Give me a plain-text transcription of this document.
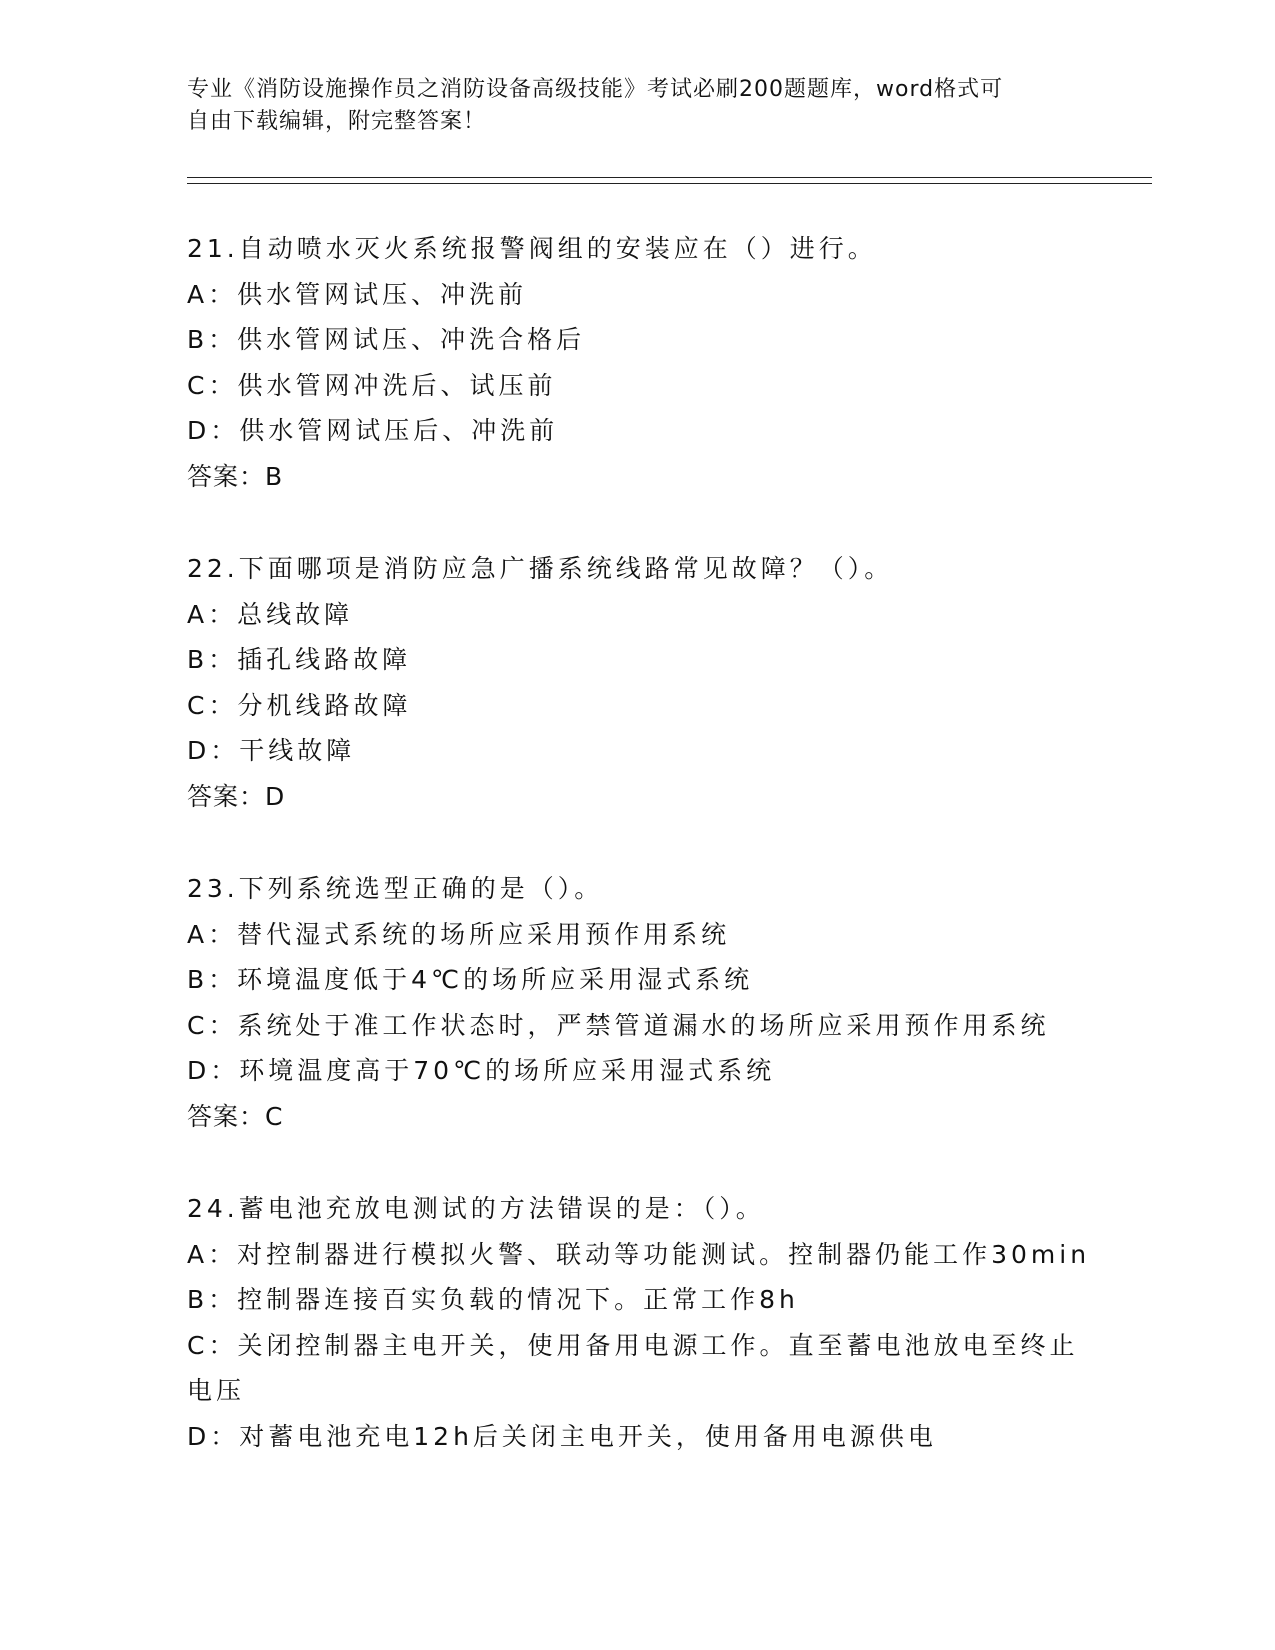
专业《消防设施操作员之消防设备高级技能》考试必刷200题题库，word格式可
自由下载编辑，附完整答案！
21.自动喷水灭火系统报警阀组的安装应在（）进行。
A：供水管网试压、冲洗前
B：供水管网试压、冲洗合格后
C：供水管网冲洗后、试压前
D：供水管网试压后、冲洗前
答案：B
22.下面哪项是消防应急广播系统线路常见故障？（）。
A：总线故障
B：插孔线路故障
C：分机线路故障
D：干线故障
答案：D
23.下列系统选型正确的是（）。
A：替代湿式系统的场所应采用预作用系统
B：环境温度低于4℃的场所应采用湿式系统
C：系统处于准工作状态时，严禁管道漏水的场所应采用预作用系统
D：环境温度高于70℃的场所应采用湿式系统
答案：C
24.蓄电池充放电测试的方法错误的是：（）。
A：对控制器进行模拟火警、联动等功能测试。控制器仍能工作30min
B：控制器连接百实负载的情况下。正常工作8h
C：关闭控制器主电开关，使用备用电源工作。直至蓄电池放电至终止
电压
D：对蓄电池充电12h后关闭主电开关，使用备用电源供电
